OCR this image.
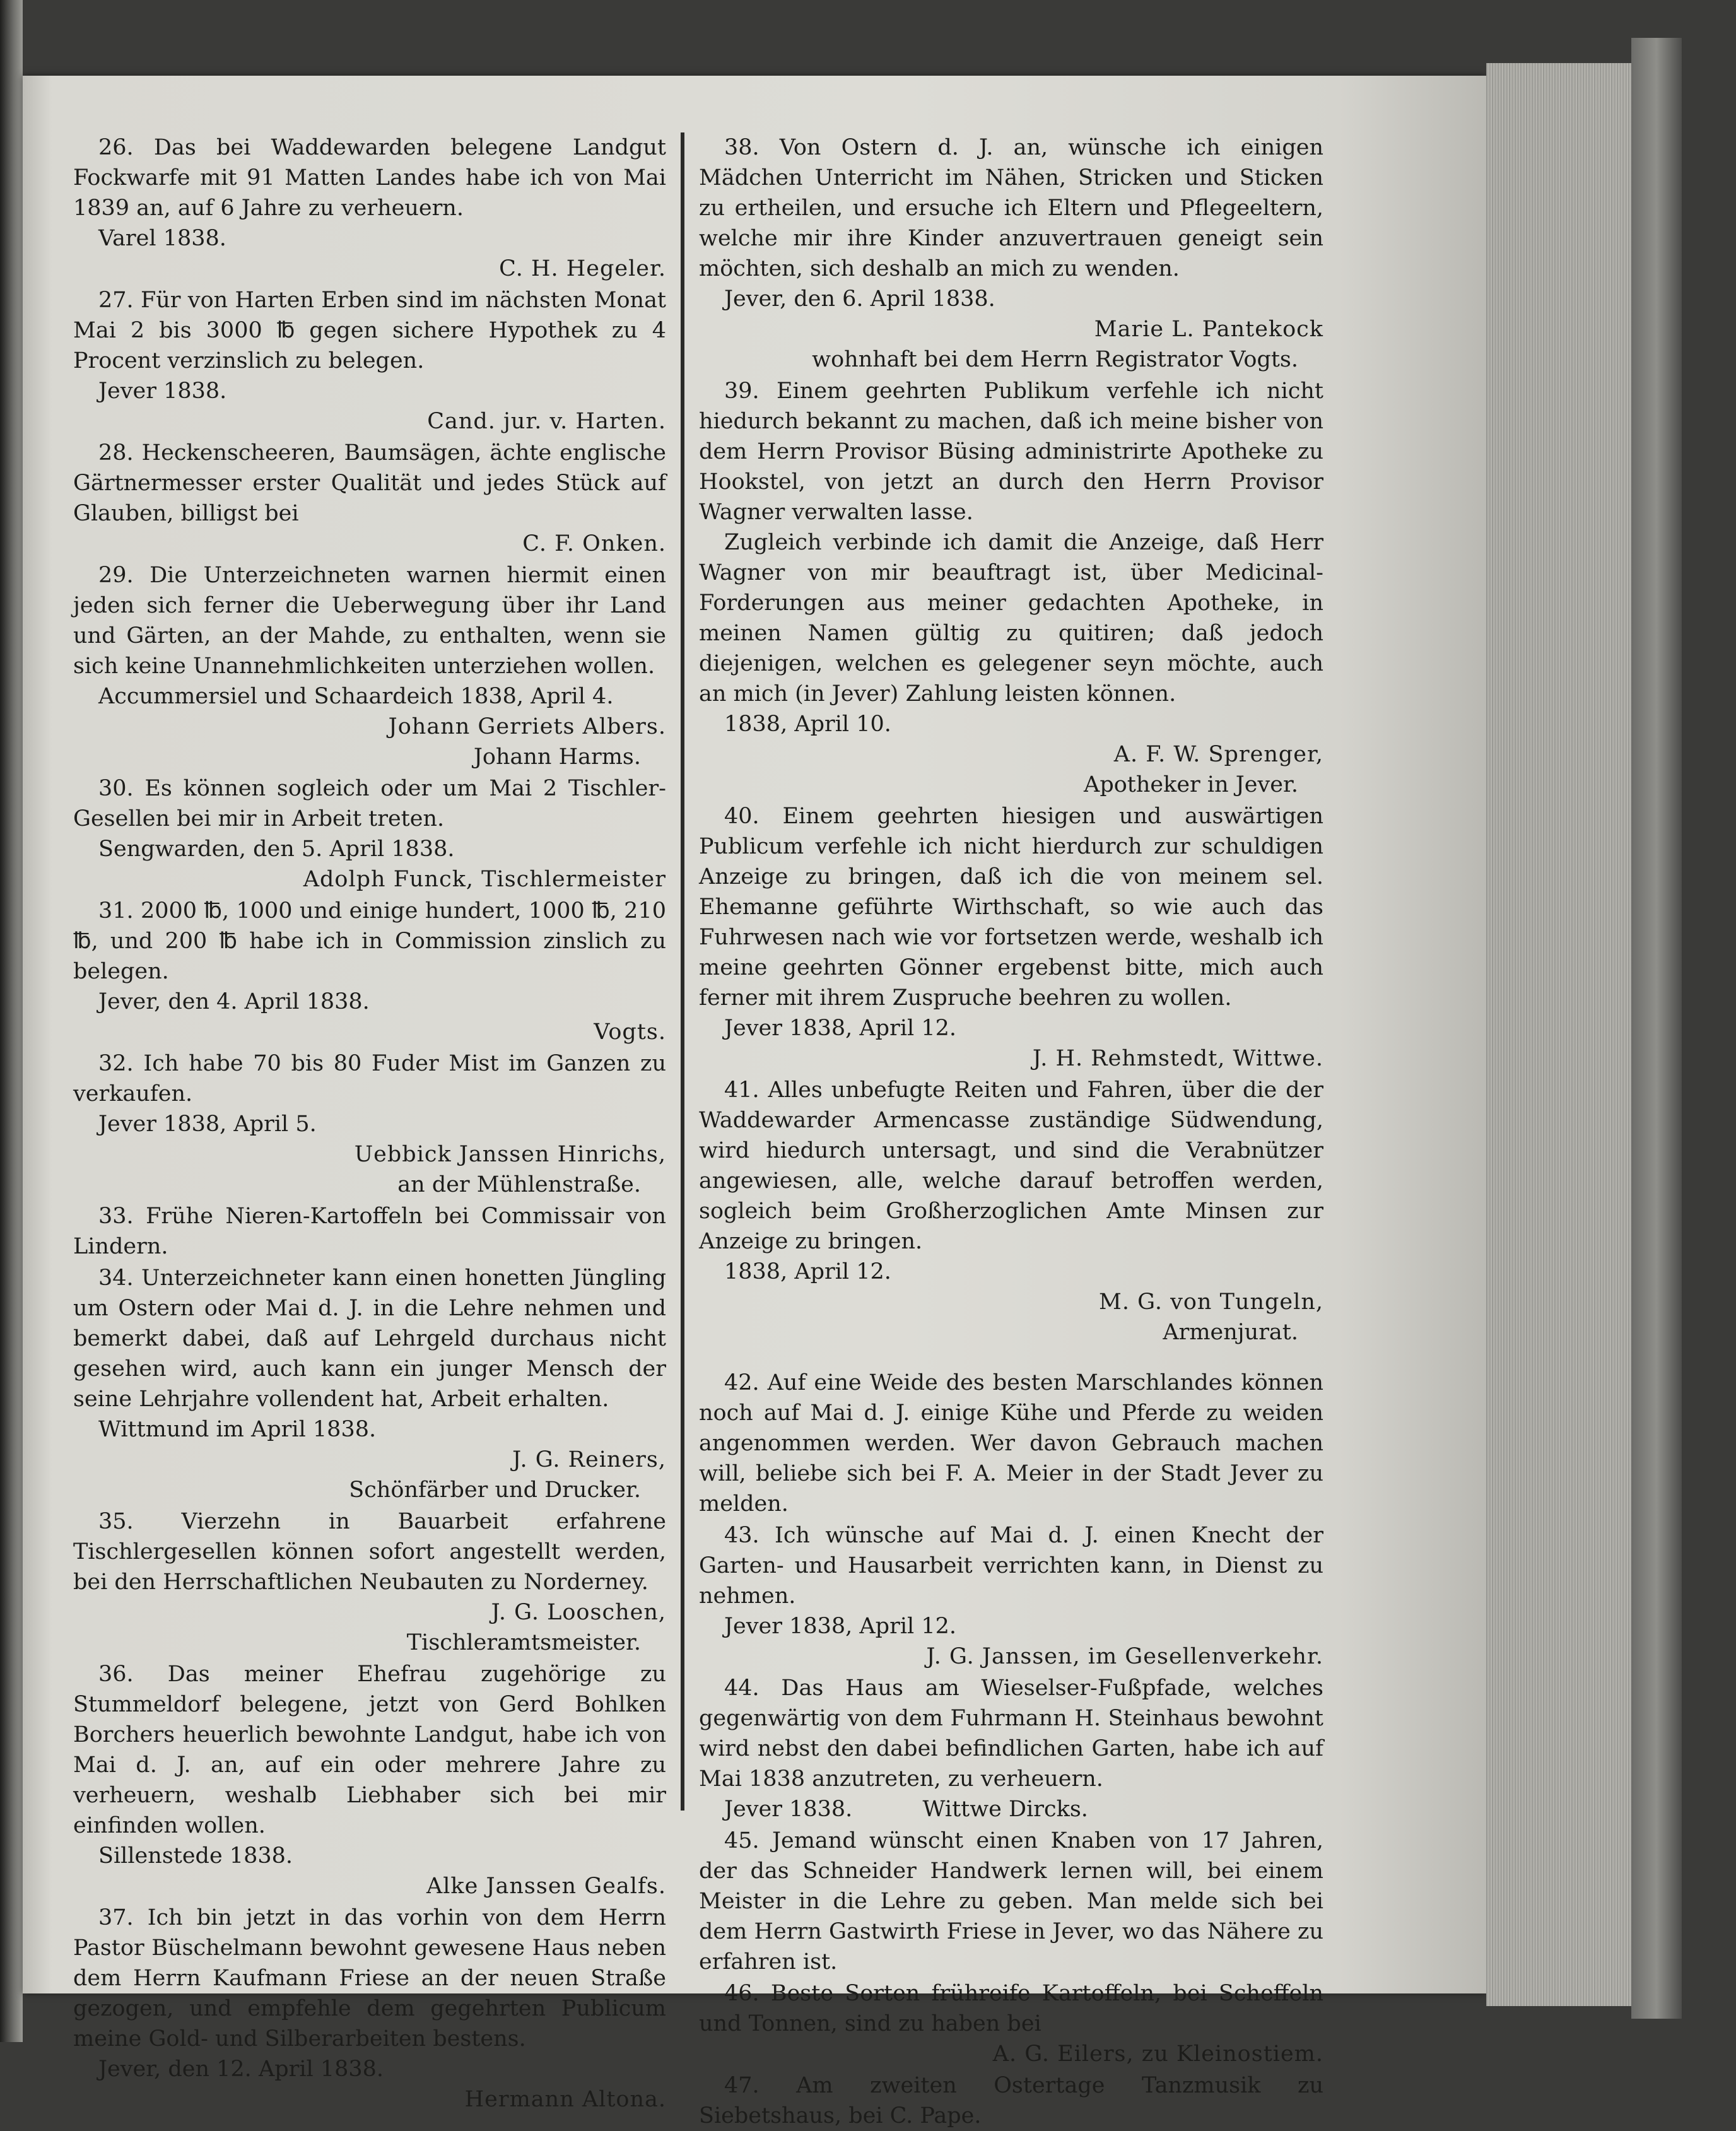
26. Das bei Waddewarden belegene Landgut Fockwarfe mit 91 Matten Landes habe ich von Mai 1839 an, auf 6 Jahre zu verheuern.

Varel 1838.

C. H. Hegeler.

27. Für von Harten Erben sind im nächsten Monat Mai 2 bis 3000 ℔ gegen sichere Hypothek zu 4 Procent verzinslich zu belegen.

Jever 1838.

Cand. jur. v. Harten.

28. Heckenscheeren, Baumsägen, ächte englische Gärtnermesser erster Qualität und jedes Stück auf Glauben, billigst bei

C. F. Onken.

29. Die Unterzeichneten warnen hiermit einen jeden sich ferner die Ueberwegung über ihr Land und Gärten, an der Mahde, zu enthalten, wenn sie sich keine Unannehmlichkeiten unterziehen wollen.

Accummersiel und Schaardeich 1838, April 4.

Johann Gerriets Albers.

Johann Harms.

30. Es können sogleich oder um Mai 2 Tischler-Gesellen bei mir in Arbeit treten.

Sengwarden, den 5. April 1838.

Adolph Funck, Tischlermeister

31. 2000 ℔, 1000 und einige hundert, 1000 ℔, 210 ℔, und 200 ℔ habe ich in Commission zinslich zu belegen.

Jever, den 4. April 1838.

Vogts.

32. Ich habe 70 bis 80 Fuder Mist im Ganzen zu verkaufen.

Jever 1838, April 5.

Uebbick Janssen Hinrichs,

an der Mühlenstraße.

33. Frühe Nieren-Kartoffeln bei Commissair von Lindern.

34. Unterzeichneter kann einen honetten Jüngling um Ostern oder Mai d. J. in die Lehre nehmen und bemerkt dabei, daß auf Lehrgeld durchaus nicht gesehen wird, auch kann ein junger Mensch der seine Lehrjahre vollendent hat, Arbeit erhalten.

Wittmund im April 1838.

J. G. Reiners,

Schönfärber und Drucker.

35. Vierzehn in Bauarbeit erfahrene Tischlergesellen können sofort angestellt werden, bei den Herrschaftlichen Neubauten zu Norderney.

J. G. Looschen,

Tischleramtsmeister.

36. Das meiner Ehefrau zugehörige zu Stummeldorf belegene, jetzt von Gerd Bohlken Borchers heuerlich bewohnte Landgut, habe ich von Mai d. J. an, auf ein oder mehrere Jahre zu verheuern, weshalb Liebhaber sich bei mir einfinden wollen.

Sillenstede 1838.

Alke Janssen Gealfs.

37. Ich bin jetzt in das vorhin von dem Herrn Pastor Büschelmann bewohnt gewesene Haus neben dem Herrn Kaufmann Friese an der neuen Straße gezogen, und empfehle dem gegehrten Publicum meine Gold- und Silberarbeiten bestens.

Jever, den 12. April 1838.

Hermann Altona.

38. Von Ostern d. J. an, wünsche ich einigen Mädchen Unterricht im Nähen, Stricken und Sticken zu ertheilen, und ersuche ich Eltern und Pflegeeltern, welche mir ihre Kinder anzuvertrauen geneigt sein möchten, sich deshalb an mich zu wenden.

Jever, den 6. April 1838.

Marie L. Pantekock

wohnhaft bei dem Herrn Registrator Vogts.

39. Einem geehrten Publikum verfehle ich nicht hiedurch bekannt zu machen, daß ich meine bisher von dem Herrn Provisor Büsing administrirte Apotheke zu Hookstel, von jetzt an durch den Herrn Provisor Wagner verwalten lasse.

Zugleich verbinde ich damit die Anzeige, daß Herr Wagner von mir beauftragt ist, über Medicinal-Forderungen aus meiner gedachten Apotheke, in meinen Namen gültig zu quitiren; daß jedoch diejenigen, welchen es gelegener seyn möchte, auch an mich (in Jever) Zahlung leisten können.

1838, April 10.

A. F. W. Sprenger,

Apotheker in Jever.

40. Einem geehrten hiesigen und auswärtigen Publicum verfehle ich nicht hierdurch zur schuldigen Anzeige zu bringen, daß ich die von meinem sel. Ehemanne geführte Wirthschaft, so wie auch das Fuhrwesen nach wie vor fortsetzen werde, weshalb ich meine geehrten Gönner ergebenst bitte, mich auch ferner mit ihrem Zuspruche beehren zu wollen.

Jever 1838, April 12.

J. H. Rehmstedt, Wittwe.

41. Alles unbefugte Reiten und Fahren, über die der Waddewarder Armencasse zuständige Südwendung, wird hiedurch untersagt, und sind die Verabnützer angewiesen, alle, welche darauf betroffen werden, sogleich beim Großherzoglichen Amte Minsen zur Anzeige zu bringen.

1838, April 12.

M. G. von Tungeln,

Armenjurat.

42. Auf eine Weide des besten Marschlandes können noch auf Mai d. J. einige Kühe und Pferde zu weiden angenommen werden. Wer davon Gebrauch machen will, beliebe sich bei F. A. Meier in der Stadt Jever zu melden.

43. Ich wünsche auf Mai d. J. einen Knecht der Garten- und Hausarbeit verrichten kann, in Dienst zu nehmen.

Jever 1838, April 12.

J. G. Janssen, im Gesellenverkehr.

44. Das Haus am Wieselser-Fußpfade, welches gegenwärtig von dem Fuhrmann H. Steinhaus bewohnt wird nebst den dabei befindlichen Garten, habe ich auf Mai 1838 anzutreten, zu verheuern.

Jever 1838.          Wittwe Dircks.

45. Jemand wünscht einen Knaben von 17 Jahren, der das Schneider Handwerk lernen will, bei einem Meister in die Lehre zu geben. Man melde sich bei dem Herrn Gastwirth Friese in Jever, wo das Nähere zu erfahren ist.

46. Beste Sorten frühreife Kartoffeln, bei Scheffeln und Tonnen, sind zu haben bei

A. G. Eilers, zu Kleinostiem.

47. Am zweiten Ostertage Tanzmusik zu Siebetshaus, bei C. Pape.
